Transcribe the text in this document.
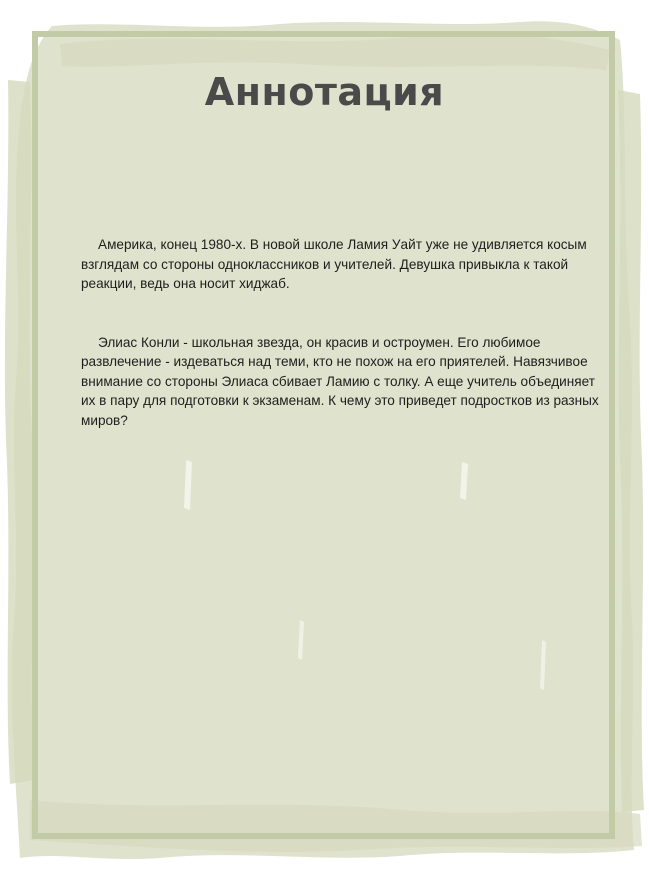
Аннотация

Америка, конец 1980-х. В новой школе Ламия Уайт уже не удивляется косым взглядам со стороны одноклассников и учителей. Девушка привыкла к такой реакции, ведь она носит хиджаб.

Элиас Конли - школьная звезда, он красив и остроумен. Его любимое развлечение - издеваться над теми, кто не похож на его приятелей. Навязчивое внимание со стороны Элиаса сбивает Ламию с толку. А еще учитель объединяет их в пару для подготовки к экзаменам. К чему это приведет подростков из разных миров?
